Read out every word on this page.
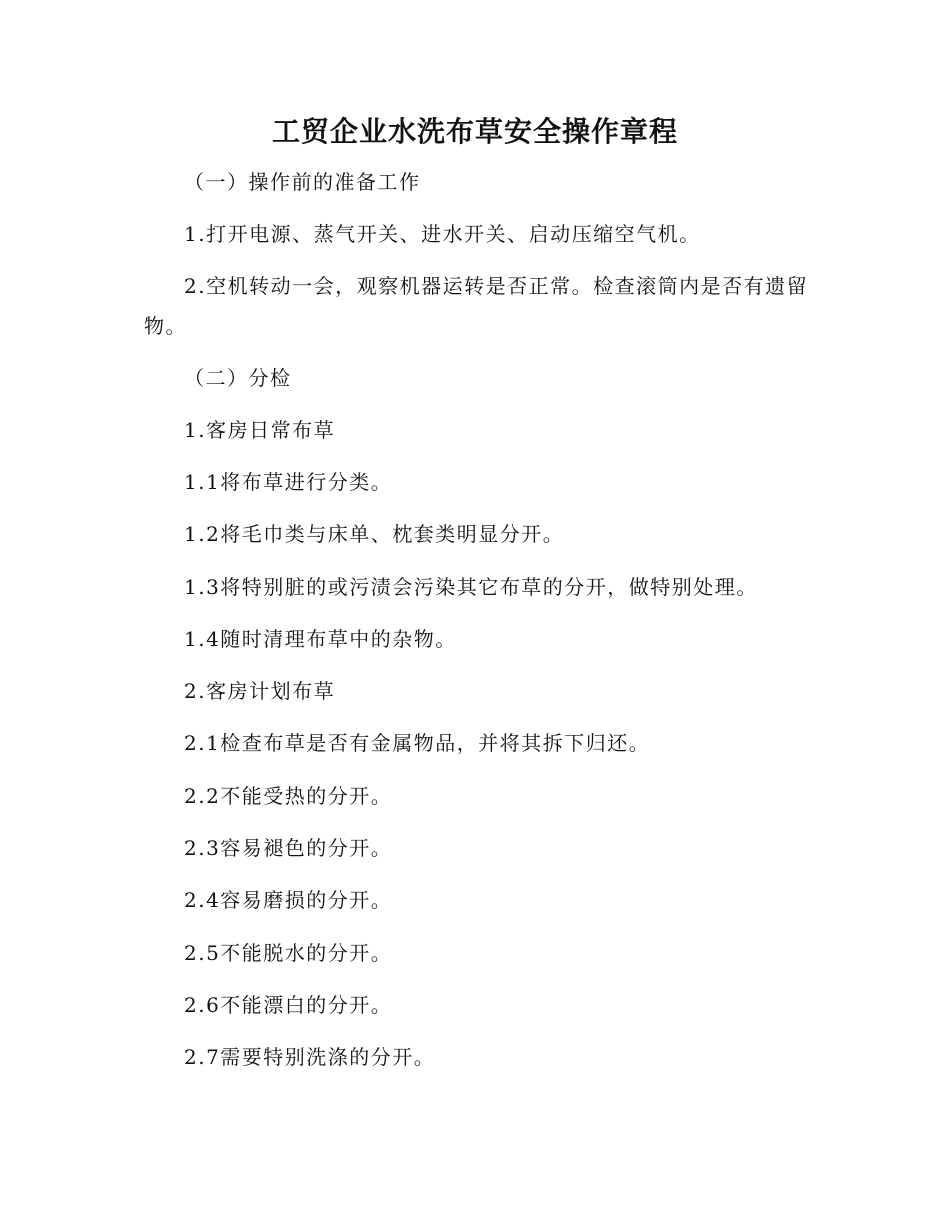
工贸企业水洗布草安全操作章程
（一）操作前的准备工作
1.打开电源、蒸气开关、进水开关、启动压缩空气机。
2.空机转动一会，观察机器运转是否正常。检查滚筒内是否有遗留物。
（二）分检
1.客房日常布草
1.1将布草进行分类。
1.2将毛巾类与床单、枕套类明显分开。
1.3将特别脏的或污渍会污染其它布草的分开，做特别处理。
1.4随时清理布草中的杂物。
2.客房计划布草
2.1检查布草是否有金属物品，并将其拆下归还。
2.2不能受热的分开。
2.3容易褪色的分开。
2.4容易磨损的分开。
2.5不能脱水的分开。
2.6不能漂白的分开。
2.7需要特别洗涤的分开。
